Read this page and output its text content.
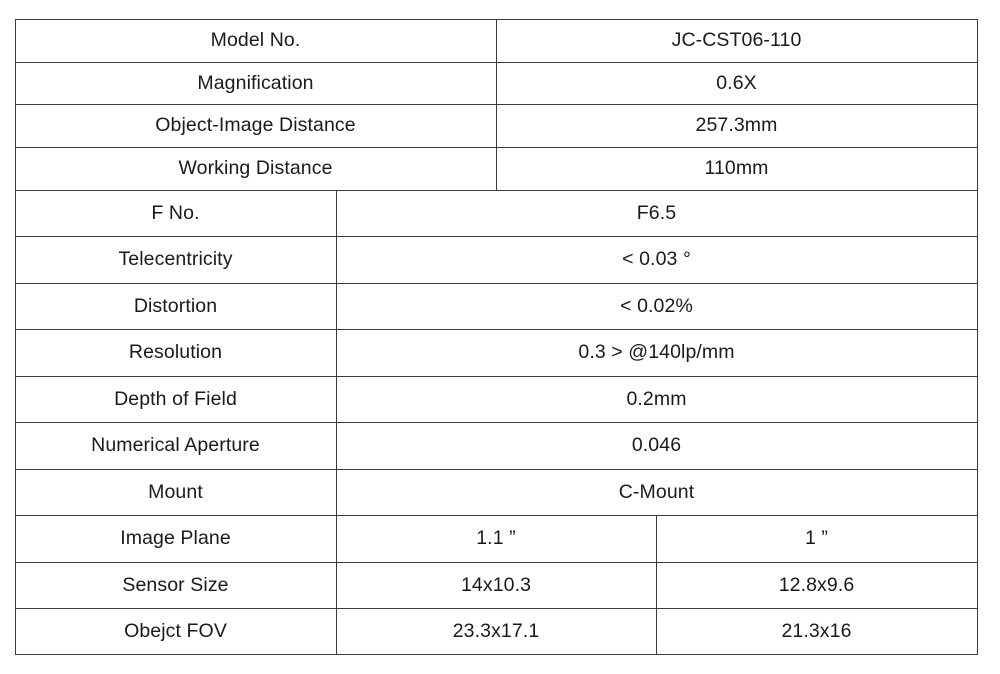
Model No.	JC-CST06-110
Magnification	0.6X
Object-Image Distance	257.3mm
Working Distance	110mm
F No.	F6.5
Telecentricity	< 0.03 °
Distortion	< 0.02%
Resolution	0.3 > @140lp/mm
Depth of Field	0.2mm
Numerical Aperture	0.046
Mount	C-Mount
Image Plane	1.1 ”	1 ”
Sensor Size	14x10.3	12.8x9.6
Obejct FOV	23.3x17.1	21.3x16
